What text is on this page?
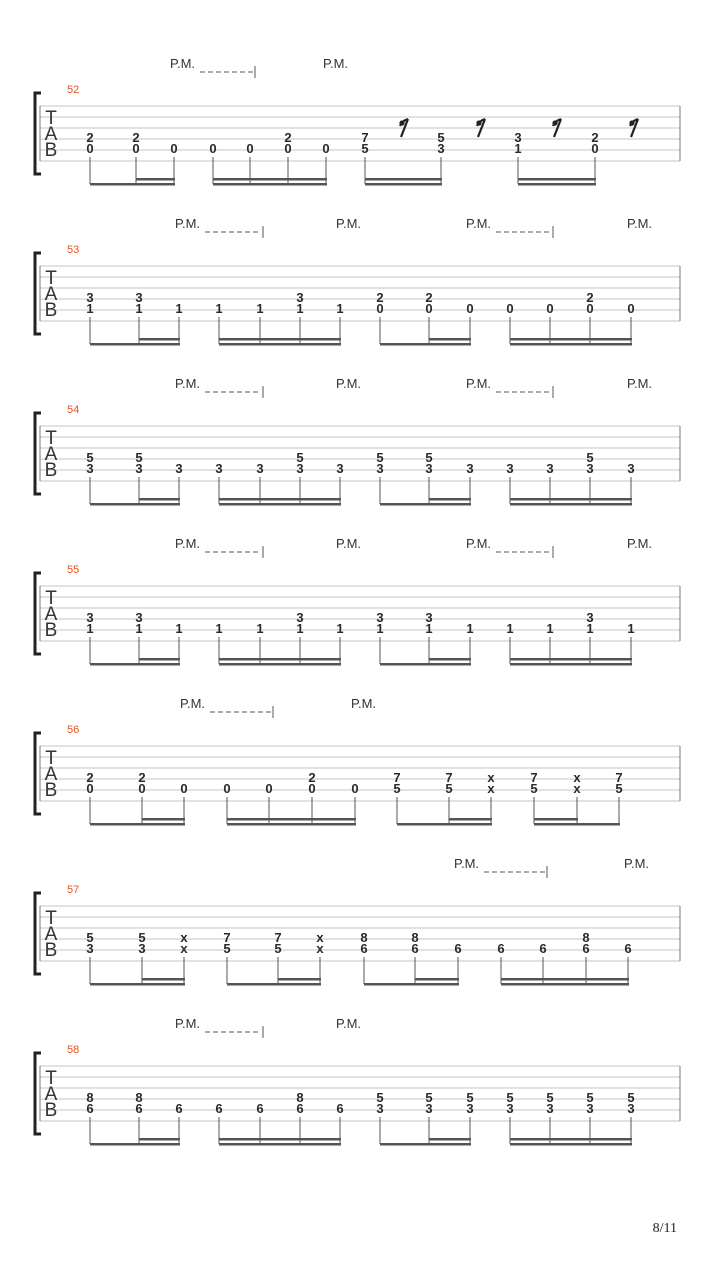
T
A
B
52
P.M.	P.M.
2
0
2
0 0 0 0
2
0 0
7
5
5
3
3
1
2
0
T
A
B
53
P.M.	P.M.	P.M.	P.M.
3
1
3
1	1	1	1
3
1	1
2
0
2
0	0	0	0
2
0	0
T
A
B
54
P.M.	P.M.	P.M.	P.M.
5
3
5
3	3	3	3
5
3	3
5
3
5
3	3	3	3
5
3	3
T
A
B
55
P.M.	P.M.	P.M.	P.M.
3
1
3
1	1	1	1
3
1	1
3
1
3
1	1	1	1
3
1	1
T
A
B
56
P.M.	P.M.
2
0
2
0	0	0	0
2
0	0
7
5
7
5
x
x
7
5
x
x
7
5
T
A
B
57
P.M.	P.M.
5
3
5
3
x
x
7
5
7
5
x
x
8
6
8
6	6	6	6
8
6	6
T
A
B
58
P.M.	P.M.
8
6
8
6	6	6	6
8
6	6
5
3
5
3
5
3
5
3
5
3
5
3
5
3
8/11
